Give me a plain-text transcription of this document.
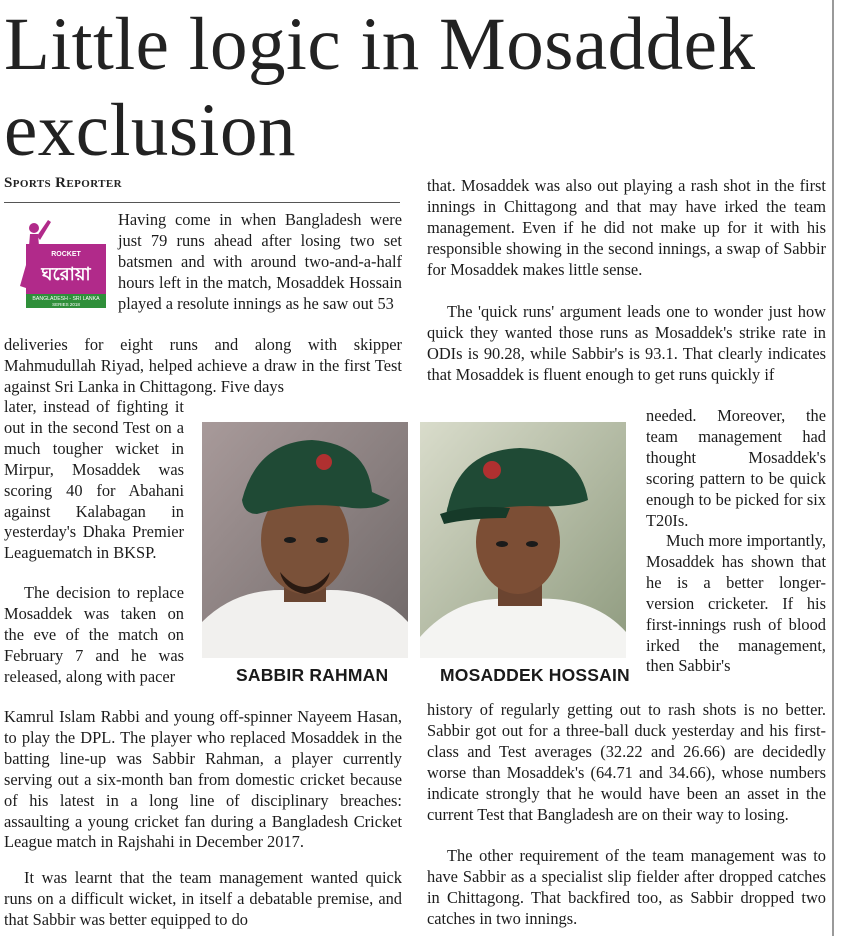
Little logic in Mosaddek exclusion
Sports Reporter
ROCKET
ঘরোয়া
BANGLADESH - SRI LANKA
SERIES 2018

Having come in when Bangladesh were just 79 runs ahead after losing two set batsmen and with around two-and-a-half hours left in the match, Mosaddek Hossain played a resolute innings as he saw out 53

deliveries for eight runs and along with skipper Mahmudullah Riyad, helped achieve a draw in the first Test against Sri Lanka in Chittagong. Five days

later, instead of fighting it out in the second Test on a much tougher wicket in Mirpur, Mosaddek was scoring 40 for Abahani against Kalabagan in yesterday's Dhaka Premier Leaguematch in BKSP.

The decision to replace Mosaddek was taken on the eve of the match on February 7 and he was released, along with pacer

Kamrul Islam Rabbi and young off-spinner Nayeem Hasan, to play the DPL. The player who replaced Mosaddek in the batting line-up was Sabbir Rahman, a player currently serving out a six-month ban from domestic cricket because of his latest in a long line of disciplinary breaches: assaulting a young cricket fan during a Bangladesh Cricket League match in Rajshahi in December 2017.

It was learnt that the team management wanted quick runs on a difficult wicket, in itself a debatable premise, and that Sabbir was better equipped to do

that. Mosaddek was also out playing a rash shot in the first innings in Chittagong and that may have irked the team management. Even if he did not make up for it with his responsible showing in the second innings, a swap of Sabbir for Mosaddek makes little sense.

The 'quick runs' argument leads one to wonder just how quick they wanted those runs as Mosaddek's strike rate in ODIs is 90.28, while Sabbir's is 93.1. That clearly indicates that Mosaddek is fluent enough to get runs quickly if

needed. Moreover, the team management had thought Mosaddek's scoring pattern to be quick enough to be picked for six T20Is.

Much more importantly, Mosaddek has shown that he is a better longer-version cricketer. If his first-innings rush of blood irked the management, then Sabbir's

history of regularly getting out to rash shots is no better. Sabbir got out for a three-ball duck yesterday and his first-class and Test averages (32.22 and 26.66) are decidedly worse than Mosaddek's (64.71 and 34.66), whose numbers indicate strongly that he would have been an asset in the current Test that Bangladesh are on their way to losing.

The other requirement of the team management was to have Sabbir as a specialist slip fielder after dropped catches in Chittagong. That backfired too, as Sabbir dropped two catches in two innings.

SABBIR RAHMAN	MOSADDEK HOSSAIN
